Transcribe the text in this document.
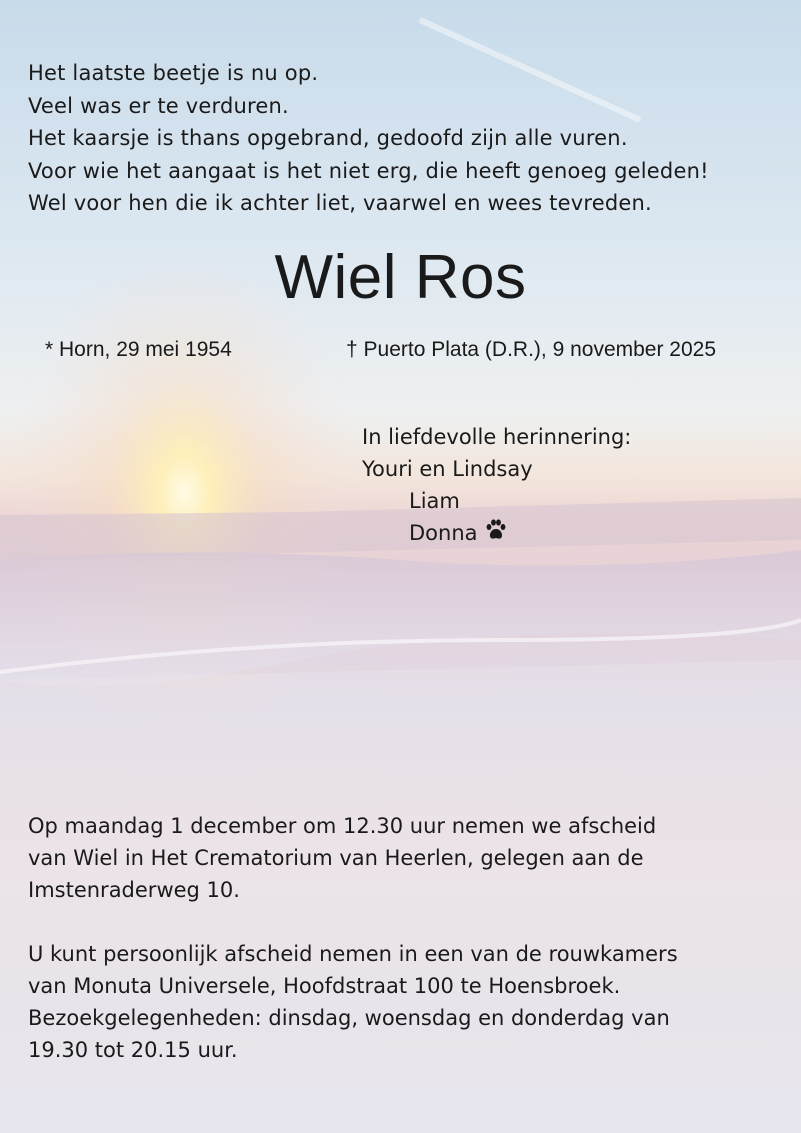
Het laatste beetje is nu op.
Veel was er te verduren.
Het kaarsje is thans opgebrand, gedoofd zijn alle vuren.
Voor wie het aangaat is het niet erg, die heeft genoeg geleden!
Wel voor hen die ik achter liet, vaarwel en wees tevreden.
Wiel Ros
* Horn, 29 mei 1954	† Puerto Plata (D.R.), 9 november 2025
In liefdevolle herinnering:
Youri en Lindsay
Liam
Donna
Op maandag 1 december om 12.30 uur nemen we afscheid
van Wiel in Het Crematorium van Heerlen, gelegen aan de
Imstenraderweg 10.
U kunt persoonlijk afscheid nemen in een van de rouwkamers
van Monuta Universele, Hoofdstraat 100 te Hoensbroek.
Bezoekgelegenheden: dinsdag, woensdag en donderdag van
19.30 tot 20.15 uur.
